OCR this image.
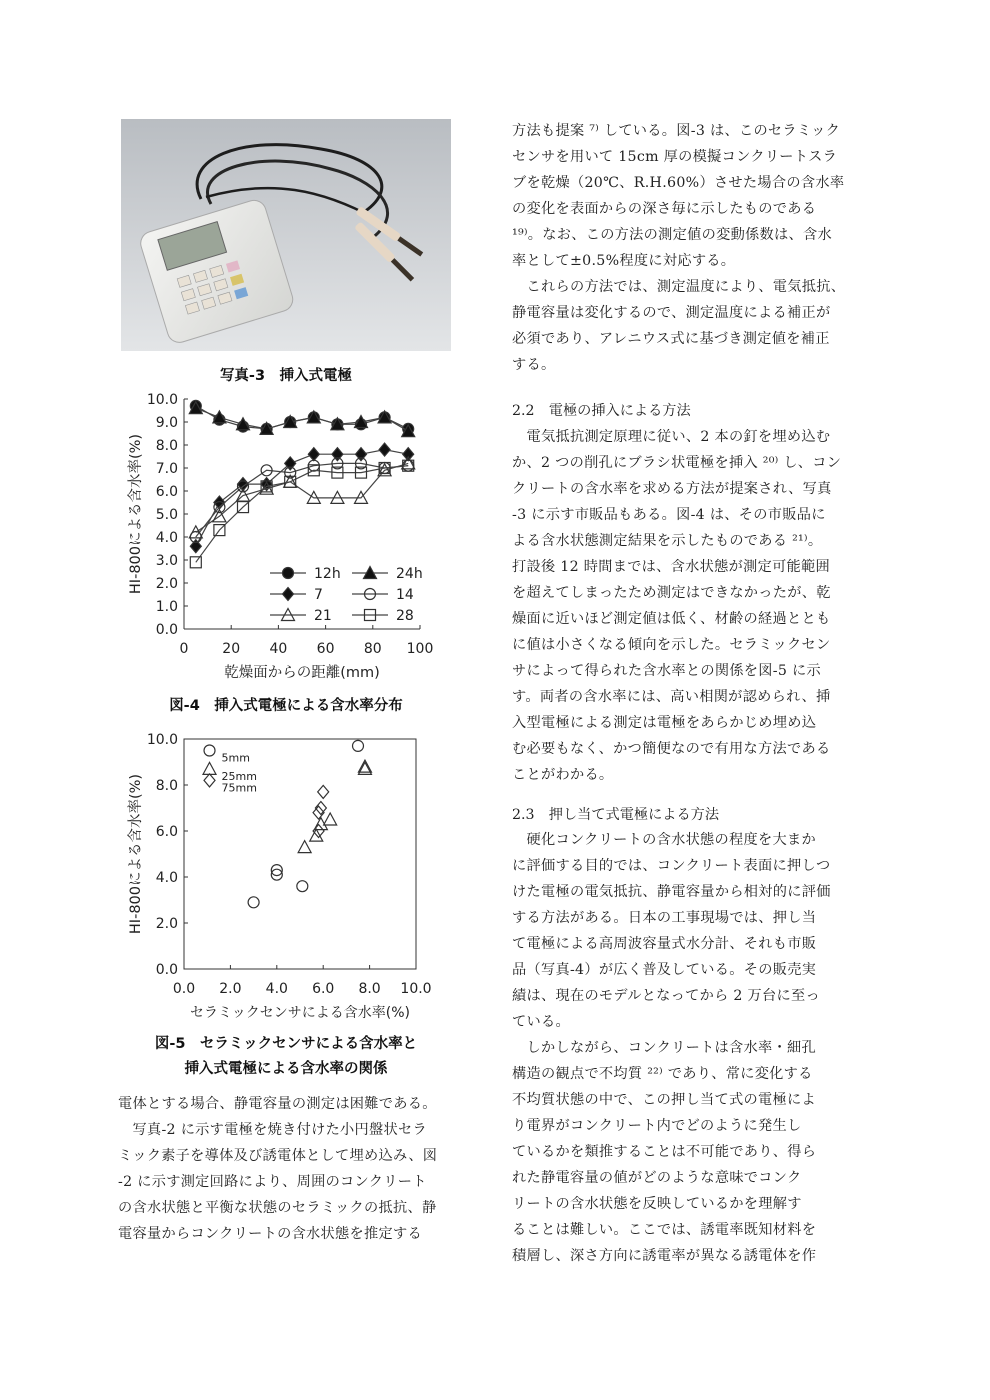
写真-3　挿入式電極
0.0
1.0
2.0
3.0
4.0
5.0
6.0
7.0
8.0
9.0
10.0
0 20 40 60 80 100
乾燥面からの距離(mm)
HI-800による含水率(%)	12h	24h
7	14
21	28
図-4　挿入式電極による含水率分布
0.0
2.0
4.0
6.0
8.0
10.0
0.0 2.0 4.0 6.0 8.0 10.0
セラミックセンサによる含水率(%)
HI-800による含水率(%)
5mm
25mm
75mm
図-5　セラミックセンサによる含水率と
挿入式電極による含水率の関係

電体とする場合、静電容量の測定は困難である。

　写真-2 に示す電極を焼き付けた小円盤状セラ

ミック素子を導体及び誘電体として埋め込み、図

-2 に示す測定回路により、周囲のコンクリート

の含水状態と平衡な状態のセラミックの抵抗、静

電容量からコンクリートの含水状態を推定する

方法も提案 ⁷⁾ している。図-3 は、このセラミック

センサを用いて 15cm 厚の模擬コンクリートスラ

ブを乾燥（20℃、R.H.60%）させた場合の含水率

の変化を表面からの深さ毎に示したものである

¹⁹⁾。なお、この方法の測定値の変動係数は、含水

率として±0.5%程度に対応する。

　これらの方法では、測定温度により、電気抵抗、

静電容量は変化するので、測定温度による補正が

必須であり、アレニウス式に基づき測定値を補正

する。

2.2　電極の挿入による方法

　電気抵抗測定原理に従い、2 本の釘を埋め込む

か、2 つの削孔にブラシ状電極を挿入 ²⁰⁾ し、コン

クリートの含水率を求める方法が提案され、写真

-3 に示す市販品もある。図-4 は、その市販品に

よる含水状態測定結果を示したものである ²¹⁾。

打設後 12 時間までは、含水状態が測定可能範囲

を超えてしまったため測定はできなかったが、乾

燥面に近いほど測定値は低く、材齢の経過ととも

に値は小さくなる傾向を示した。セラミックセン

サによって得られた含水率との関係を図-5 に示

す。両者の含水率には、高い相関が認められ、挿

入型電極による測定は電極をあらかじめ埋め込

む必要もなく、かつ簡便なので有用な方法である

ことがわかる。

2.3　押し当て式電極による方法

　硬化コンクリートの含水状態の程度を大まか

に評価する目的では、コンクリート表面に押しつ

けた電極の電気抵抗、静電容量から相対的に評価

する方法がある。日本の工事現場では、押し当

て電極による高周波容量式水分計、それも市販

品（写真-4）が広く普及している。その販売実

績は、現在のモデルとなってから 2 万台に至っ

ている。

　しかしながら、コンクリートは含水率・細孔

構造の観点で不均質 ²²⁾ であり、常に変化する

不均質状態の中で、この押し当て式の電極によ

り電界がコンクリート内でどのように発生し

ているかを類推することは不可能であり、得ら

れた静電容量の値がどのような意味でコンク

リートの含水状態を反映しているかを理解す

ることは難しい。ここでは、誘電率既知材料を

積層し、深さ方向に誘電率が異なる誘電体を作
